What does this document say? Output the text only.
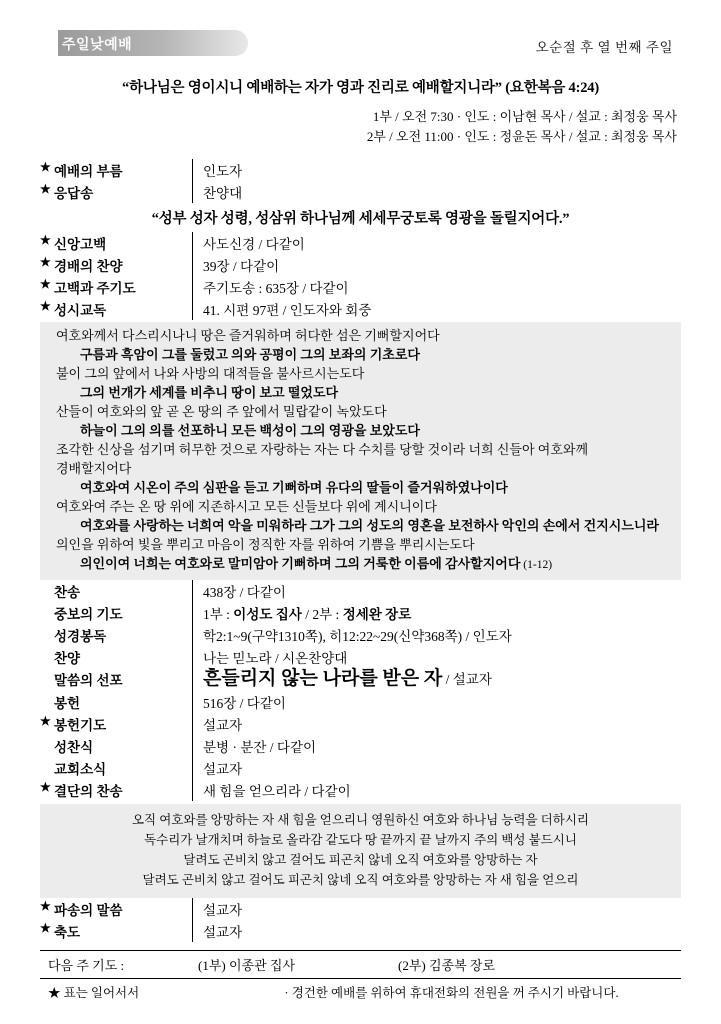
주일낮예배	오순절 후 열 번째 주일
“하나님은 영이시니 예배하는 자가 영과 진리로 예배할지니라” (요한복음 4:24)
1부 / 오전 7:30 · 인도 : 이남현 목사 / 설교 : 최정웅 목사
2부 / 오전 11:00 · 인도 : 정윤돈 목사 / 설교 : 최정웅 목사
★ 예배의 부름	인도자
★ 응답송	찬양대
“성부 성자 성령, 성삼위 하나님께 세세무궁토록 영광을 돌릴지어다.”
★ 신앙고백	사도신경 / 다같이
★ 경배의 찬양	39장 / 다같이
★ 고백과 주기도	주기도송 : 635장 / 다같이
★ 성시교독	41. 시편 97편 / 인도자와 회중
여호와께서 다스리시나니 땅은 즐거워하며 허다한 섬은 기뻐할지어다
구름과 흑암이 그를 둘렀고 의와 공평이 그의 보좌의 기초로다
불이 그의 앞에서 나와 사방의 대적들을 불사르시는도다
그의 번개가 세계를 비추니 땅이 보고 떨었도다
산들이 여호와의 앞 곧 온 땅의 주 앞에서 밀랍같이 녹았도다
하늘이 그의 의를 선포하니 모든 백성이 그의 영광을 보았도다
조각한 신상을 섬기며 허무한 것으로 자랑하는 자는 다 수치를 당할 것이라 너희 신들아 여호와께
경배할지어다
여호와여 시온이 주의 심판을 듣고 기뻐하며 유다의 딸들이 즐거워하였나이다
여호와여 주는 온 땅 위에 지존하시고 모든 신들보다 위에 계시니이다
여호와를 사랑하는 너희여 악을 미워하라 그가 그의 성도의 영혼을 보전하사 악인의 손에서 건지시느니라
의인을 위하여 빛을 뿌리고 마음이 정직한 자를 위하여 기쁨을 뿌리시는도다
의인이여 너희는 여호와로 말미암아 기뻐하며 그의 거룩한 이름에 감사할지어다 (1-12)
찬송	438장 / 다같이
중보의 기도	1부 : 이성도 집사 / 2부 : 정세완 장로
성경봉독	학2:1~9(구약1310쪽), 히12:22~29(신약368쪽) / 인도자
찬양	나는 믿노라 / 시온찬양대
말씀의 선포	흔들리지 않는 나라를 받은 자 / 설교자
봉헌	516장 / 다같이
★ 봉헌기도	설교자
성찬식	분병 · 분잔 / 다같이
교회소식	설교자
★ 결단의 찬송	새 힘을 얻으리라 / 다같이
오직 여호와를 앙망하는 자 새 힘을 얻으리니 영원하신 여호와 하나님 능력을 더하시리
독수리가 날개치며 하늘로 올라감 같도다 땅 끝까지 끝 날까지 주의 백성 붙드시니
달려도 곤비치 않고 걸어도 피곤치 않네 오직 여호와를 앙망하는 자
달려도 곤비치 않고 걸어도 피곤치 않네 오직 여호와를 앙망하는 자 새 힘을 얻으리
★ 파송의 말씀	설교자
★ 축도	설교자
다음 주 기도 :	(1부) 이종관 집사	(2부) 김종복 장로
★ 표는 일어서서	· 경건한 예배를 위하여 휴대전화의 전원을 꺼 주시기 바랍니다.
